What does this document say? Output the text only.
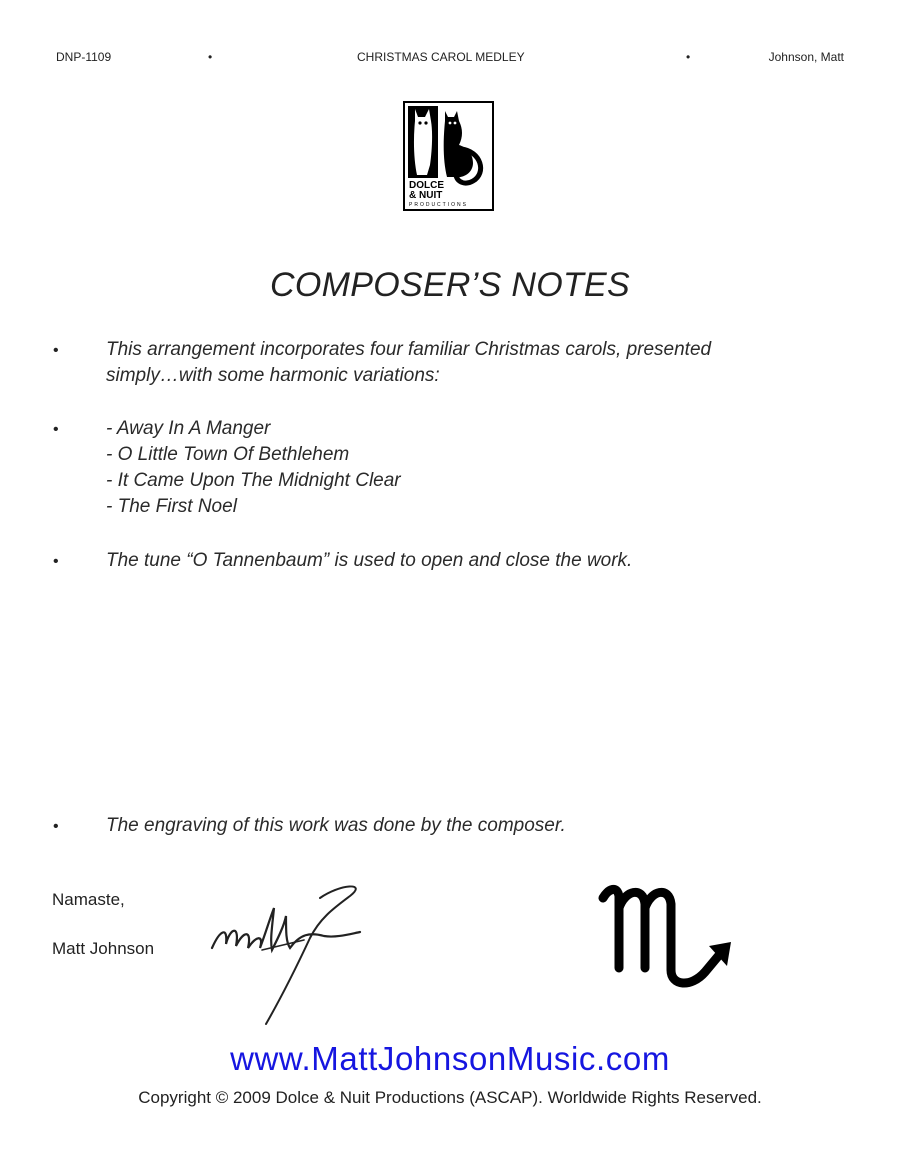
DNP-1109	•	CHRISTMAS CAROL MEDLEY	•	Johnson, Matt
DOLCE
& NUIT
PRODUCTIONS
COMPOSER’S NOTES
• This arrangement incorporates four familiar Christmas carols, presented
simply…with some harmonic variations:
• - Away In A Manger
- O Little Town Of Bethlehem
- It Came Upon The Midnight Clear
- The First Noel
• The tune “O Tannenbaum” is used to open and close the work.
• The engraving of this work was done by the composer.
Namaste,
Matt Johnson
www.MattJohnsonMusic.com
Copyright © 2009 Dolce & Nuit Productions (ASCAP). Worldwide Rights Reserved.
